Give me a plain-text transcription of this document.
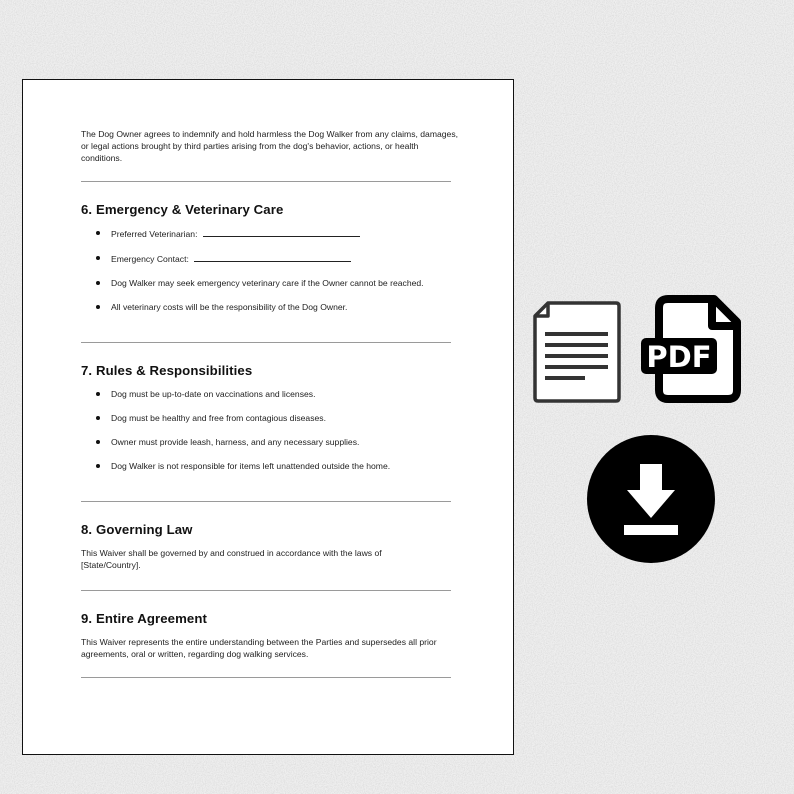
The Dog Owner agrees to indemnify and hold harmless the Dog Walker from any claims, damages, or legal actions brought by third parties arising from the dog's behavior, actions, or health conditions.

6. Emergency & Veterinary Care
Preferred Veterinarian:
Emergency Contact:
Dog Walker may seek emergency veterinary care if the Owner cannot be reached.
All veterinary costs will be the responsibility of the Dog Owner.
7. Rules & Responsibilities
Dog must be up-to-date on vaccinations and licenses.
Dog must be healthy and free from contagious diseases.
Owner must provide leash, harness, and any necessary supplies.
Dog Walker is not responsible for items left unattended outside the home.
8. Governing Law

This Waiver shall be governed by and construed in accordance with the laws of [State/Country].

9. Entire Agreement

This Waiver represents the entire understanding between the Parties and supersedes all prior agreements, oral or written, regarding dog walking services.

PDF
